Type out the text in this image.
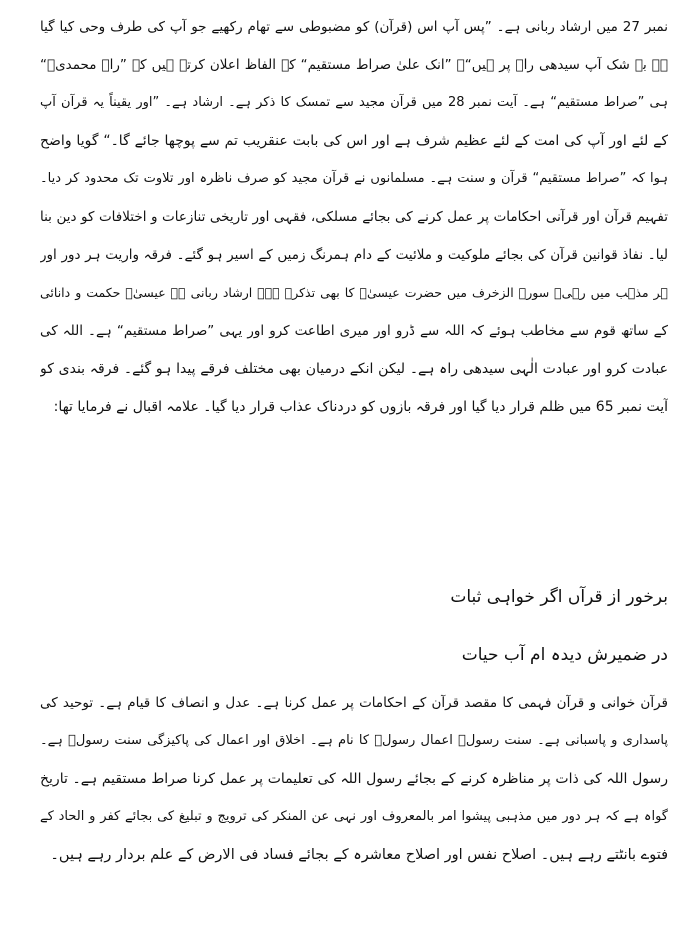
نمبر 27 میں ارشاد ربانی ہے۔ ”پس آپ اس (قرآن) کو مضبوطی سے تھام رکھیے جو آپ کی طرف وحی کیا گیا
ہے بے شک آپ سیدھی راہ پر ہیں“۔ ”انک علیٰ صراط مستقیم“ کے الفاظ اعلان کرتے ہیں کہ ”راہ محمدیؐ“
ہی ”صراط مستقیم“ ہے۔ آیت نمبر 28 میں قرآن مجید سے تمسک کا ذکر ہے۔ ارشاد ہے۔ ”اور یقیناً یہ قرآن آپ
کے لئے اور آپ کی امت کے لئے عظیم شرف ہے اور اس کی بابت عنقریب تم سے پوچھا جائے گا۔“ گویا واضح
ہوا کہ ”صراط مستقیم“ قرآن و سنت ہے۔ مسلمانوں نے قرآن مجید کو صرف ناظرہ اور تلاوت تک محدود کر دیا۔
تفہیم قرآن اور قرآنی احکامات پر عمل کرنے کی بجائے مسلکی، فقہی اور تاریخی تنازعات و اختلافات کو دین بنا
لیا۔ نفاذ قوانین قرآن کی بجائے ملوکیت و ملائیت کے دام ہمرنگ زمیں کے اسیر ہو گئے۔ فرقہ واریت ہر دور اور
ہر مذہب میں رہی۔ سورۃ الزخرف میں حضرت عیسیٰؑ کا بھی تذکرہ ہے۔ ارشاد ربانی ہے عیسیٰؑ حکمت و دانائی
کے ساتھ قوم سے مخاطب ہوئے کہ اللہ سے ڈرو اور میری اطاعت کرو اور یہی ”صراط مستقیم“ ہے۔ اللہ کی
عبادت کرو اور عبادت الٰہی سیدھی راہ ہے۔ لیکن انکے درمیان بھی مختلف فرقے پیدا ہو گئے۔ فرقہ بندی کو
آیت نمبر 65 میں ظلم قرار دیا گیا اور فرقہ بازوں کو دردناک عذاب قرار دیا گیا۔ علامہ اقبال نے فرمایا تھا:
برخور از قرآں اگر خواہی ثبات
در ضمیرش دیدہ ام آب حیات
قرآن خوانی و قرآن فہمی کا مقصد قرآن کے احکامات پر عمل کرنا ہے۔ عدل و انصاف کا قیام ہے۔ توحید کی
پاسداری و پاسبانی ہے۔ سنت رسولؐ اعمال رسولؐ کا نام ہے۔ اخلاق اور اعمال کی پاکیزگی سنت رسولؐ ہے۔
رسول اللہ کی ذات پر مناظرہ کرنے کے بجائے رسول اللہ کی تعلیمات پر عمل کرنا صراط مستقیم ہے۔ تاریخ
گواہ ہے کہ ہر دور میں مذہبی پیشوا امر بالمعروف اور نہی عن المنکر کی ترویج و تبلیغ کی بجائے کفر و الحاد کے
فتوے بانٹتے رہے ہیں۔ اصلاح نفس اور اصلاح معاشرہ کے بجائے فساد فی الارض کے علم بردار رہے ہیں۔
